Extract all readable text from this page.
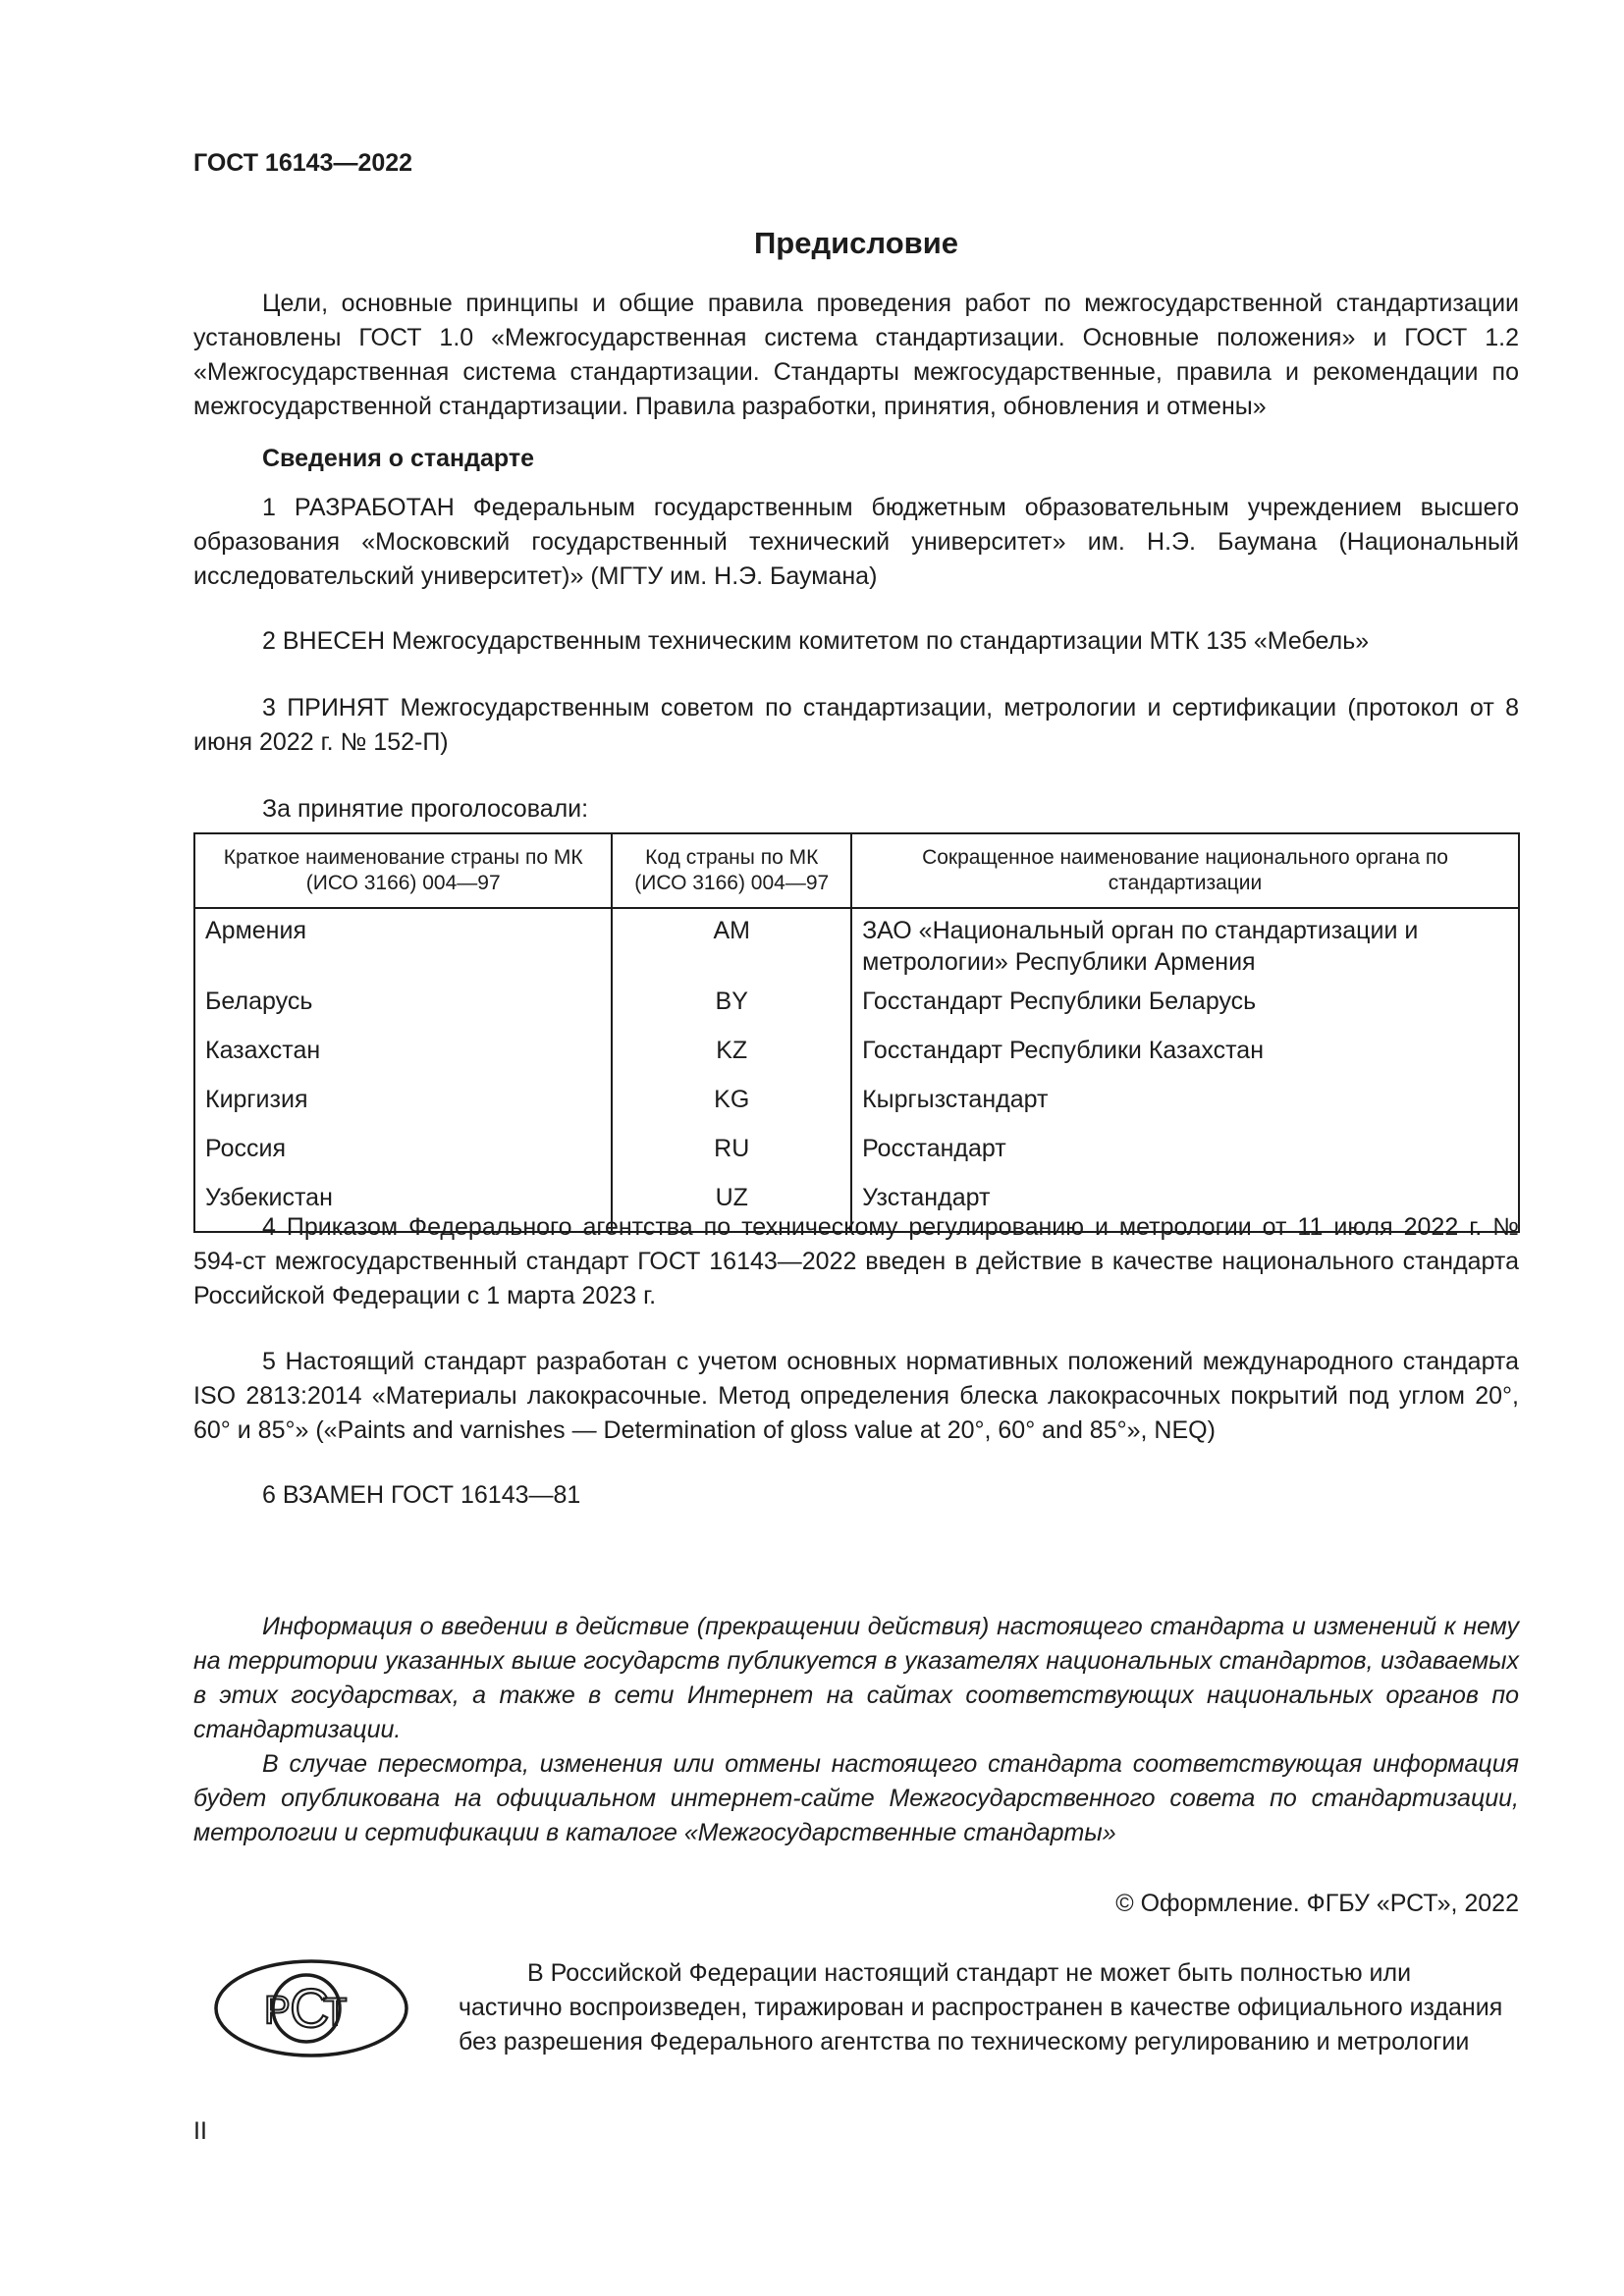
ГОСТ 16143—2022
Предисловие

Цели, основные принципы и общие правила проведения работ по межгосударственной стандартизации установлены ГОСТ 1.0 «Межгосударственная система стандартизации. Основные положения» и ГОСТ 1.2 «Межгосударственная система стандартизации. Стандарты межгосударственные, правила и рекомендации по межгосударственной стандартизации. Правила разработки, принятия, обновления и отмены»

Сведения о стандарте

1 РАЗРАБОТАН Федеральным государственным бюджетным образовательным учреждением высшего образования «Московский государственный технический университет» им. Н.Э. Баумана (Национальный исследовательский университет)» (МГТУ им. Н.Э. Баумана)

2 ВНЕСЕН Межгосударственным техническим комитетом по стандартизации МТК 135 «Мебель»

3 ПРИНЯТ Межгосударственным советом по стандартизации, метрологии и сертификации (протокол от 8 июня 2022 г. № 152-П)

За принятие проголосовали:

Краткое наименование страны по МК (ИСО 3166) 004—97	Код страны по МК (ИСО 3166) 004—97	Сокращенное наименование национального органа по стандартизации
Армения	AM	ЗАО «Национальный орган по стандартизации и метрологии» Республики Армения
Беларусь	BY	Госстандарт Республики Беларусь
Казахстан	KZ	Госстандарт Республики Казахстан
Киргизия	KG	Кыргызстандарт
Россия	RU	Росстандарт
Узбекистан	UZ	Узстандарт

4 Приказом Федерального агентства по техническому регулированию и метрологии от 11 июля 2022 г. № 594-ст межгосударственный стандарт ГОСТ 16143—2022 введен в действие в качестве национального стандарта Российской Федерации с 1 марта 2023 г.

5 Настоящий стандарт разработан с учетом основных нормативных положений международного стандарта ISO 2813:2014 «Материалы лакокрасочные. Метод определения блеска лакокрасочных покрытий под углом 20°, 60° и 85°» («Paints and varnishes — Determination of gloss value at 20°, 60° and 85°», NEQ)

6 ВЗАМЕН ГОСТ 16143—81

Информация о введении в действие (прекращении действия) настоящего стандарта и изменений к нему на территории указанных выше государств публикуется в указателях национальных стандартов, издаваемых в этих государствах, а также в сети Интернет на сайтах соответствующих национальных органов по стандартизации.

В случае пересмотра, изменения или отмены настоящего стандарта соответствующая информация будет опубликована на официальном интернет-сайте Межгосударственного совета по стандартизации, метрологии и сертификации в каталоге «Межгосударственные стандарты»

© Оформление. ФГБУ «РСТ», 2022
Р С
Т

В Российской Федерации настоящий стандарт не может быть полностью или частично воспроизведен, тиражирован и распространен в качестве официального издания без разрешения Федерального агентства по техническому регулированию и метрологии

II
